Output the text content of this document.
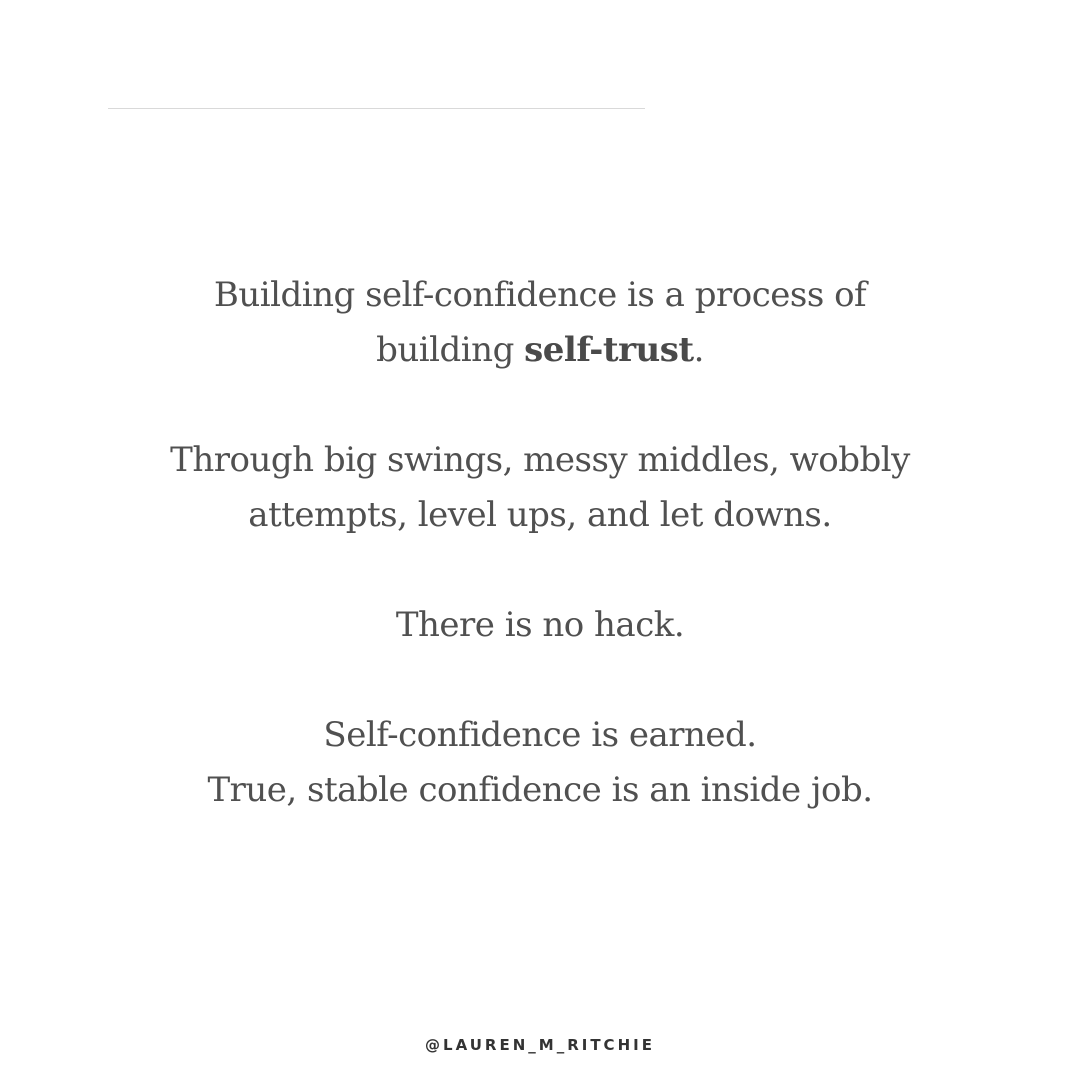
Building self-confidence is a process of
building self-trust.
Through big swings, messy middles, wobbly
attempts, level ups, and let downs.
There is no hack.
Self-confidence is earned.
True, stable confidence is an inside job.
@LAUREN_M_RITCHIE
